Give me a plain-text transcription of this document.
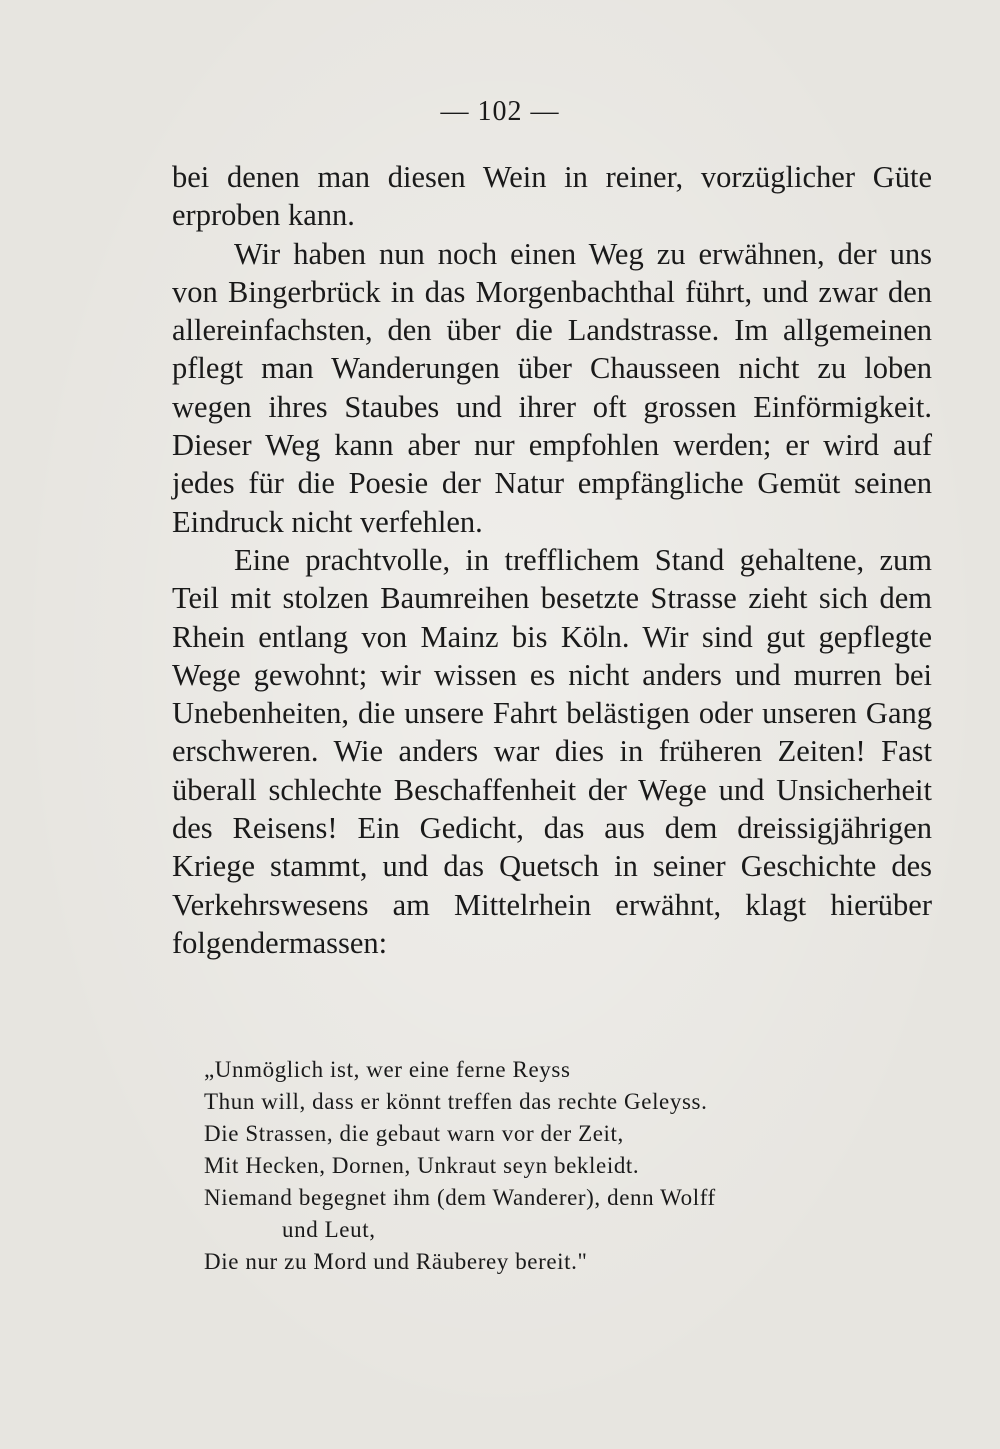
— 102 —

bei denen man diesen Wein in reiner, vorzüglicher Güte erproben kann.

Wir haben nun noch einen Weg zu erwähnen, der uns von Bingerbrück in das Morgenbachthal führt, und zwar den allereinfachsten, den über die Landstrasse. Im allgemeinen pflegt man Wanderungen über Chausseen nicht zu loben wegen ihres Staubes und ihrer oft grossen Einförmigkeit. Dieser Weg kann aber nur empfohlen werden; er wird auf jedes für die Poesie der Natur empfängliche Gemüt seinen Eindruck nicht verfehlen.

Eine prachtvolle, in trefflichem Stand gehaltene, zum Teil mit stolzen Baumreihen besetzte Strasse zieht sich dem Rhein entlang von Mainz bis Köln. Wir sind gut gepflegte Wege gewohnt; wir wissen es nicht anders und murren bei Unebenheiten, die unsere Fahrt belästigen oder unseren Gang erschweren. Wie anders war dies in früheren Zeiten! Fast überall schlechte Beschaffenheit der Wege und Unsicherheit des Reisens! Ein Gedicht, das aus dem dreissigjährigen Kriege stammt, und das Quetsch in seiner Geschichte des Verkehrswesens am Mittelrhein erwähnt, klagt hierüber folgendermassen:

„Unmöglich ist, wer eine ferne Reyss
Thun will, dass er könnt treffen das rechte Geleyss.
Die Strassen, die gebaut warn vor der Zeit,
Mit Hecken, Dornen, Unkraut seyn bekleidt.
Niemand begegnet ihm (dem Wanderer), denn Wolff
und Leut,
Die nur zu Mord und Räuberey bereit."
